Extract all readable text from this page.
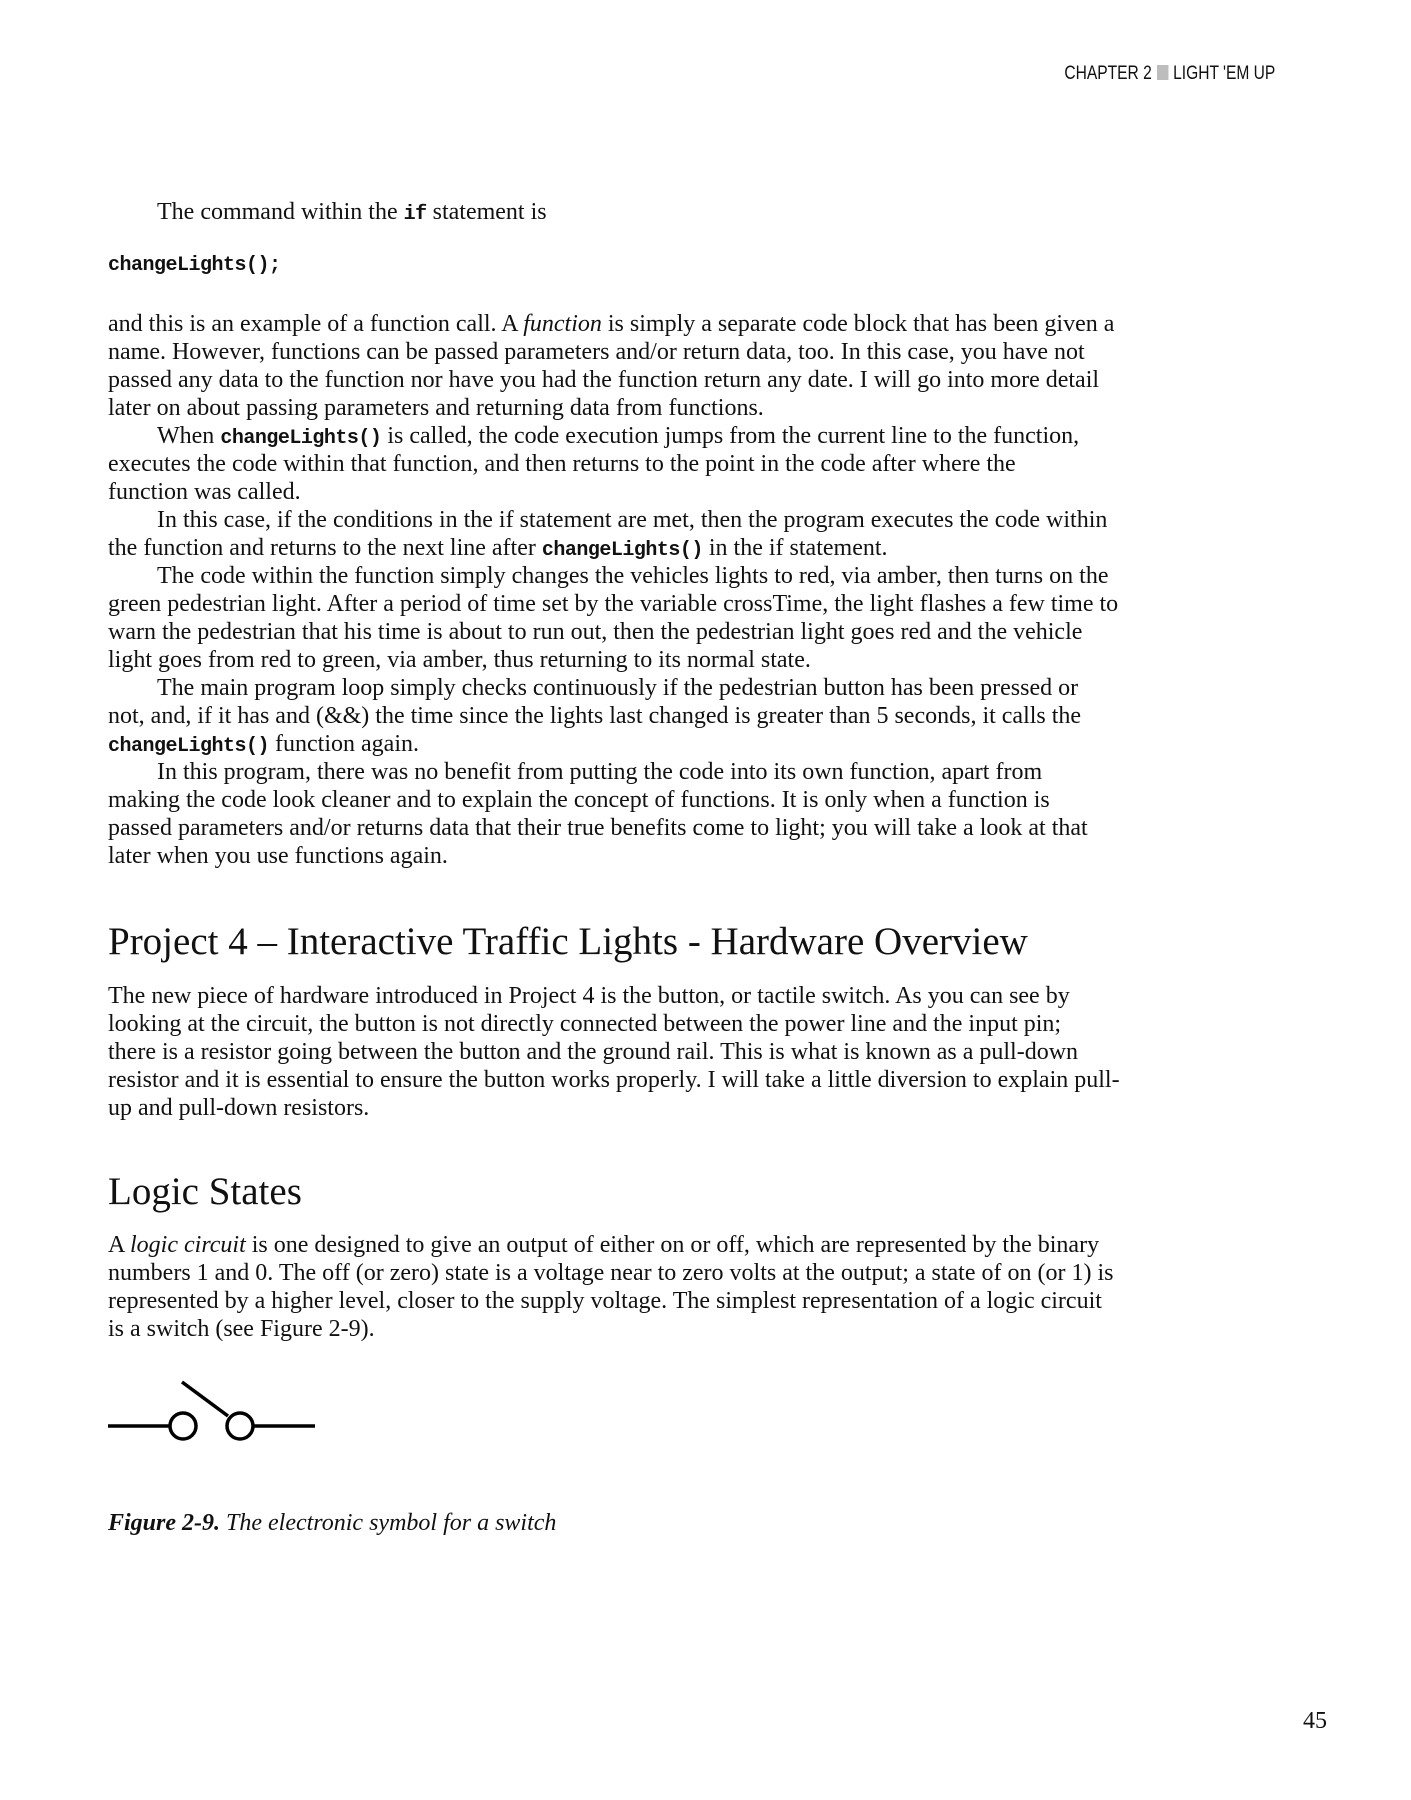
CHAPTER 2 LIGHT 'EM UP
The command within the if statement is
changeLights();
and this is an example of a function call. A function is simply a separate code block that has been given a
name. However, functions can be passed parameters and/or return data, too. In this case, you have not
passed any data to the function nor have you had the function return any date. I will go into more detail
later on about passing parameters and returning data from functions.
When changeLights() is called, the code execution jumps from the current line to the function,
executes the code within that function, and then returns to the point in the code after where the
function was called.
In this case, if the conditions in the if statement are met, then the program executes the code within
the function and returns to the next line after changeLights() in the if statement.
The code within the function simply changes the vehicles lights to red, via amber, then turns on the
green pedestrian light. After a period of time set by the variable crossTime, the light flashes a few time to
warn the pedestrian that his time is about to run out, then the pedestrian light goes red and the vehicle
light goes from red to green, via amber, thus returning to its normal state.
The main program loop simply checks continuously if the pedestrian button has been pressed or
not, and, if it has and (&&) the time since the lights last changed is greater than 5 seconds, it calls the
changeLights() function again.
In this program, there was no benefit from putting the code into its own function, apart from
making the code look cleaner and to explain the concept of functions. It is only when a function is
passed parameters and/or returns data that their true benefits come to light; you will take a look at that
later when you use functions again.
Project 4 – Interactive Traffic Lights - Hardware Overview
The new piece of hardware introduced in Project 4 is the button, or tactile switch. As you can see by
looking at the circuit, the button is not directly connected between the power line and the input pin;
there is a resistor going between the button and the ground rail. This is what is known as a pull-down
resistor and it is essential to ensure the button works properly. I will take a little diversion to explain pull-
up and pull-down resistors.
Logic States
A logic circuit is one designed to give an output of either on or off, which are represented by the binary
numbers 1 and 0. The off (or zero) state is a voltage near to zero volts at the output; a state of on (or 1) is
represented by a higher level, closer to the supply voltage. The simplest representation of a logic circuit
is a switch (see Figure 2-9).
Figure 2-9. The electronic symbol for a switch
45
